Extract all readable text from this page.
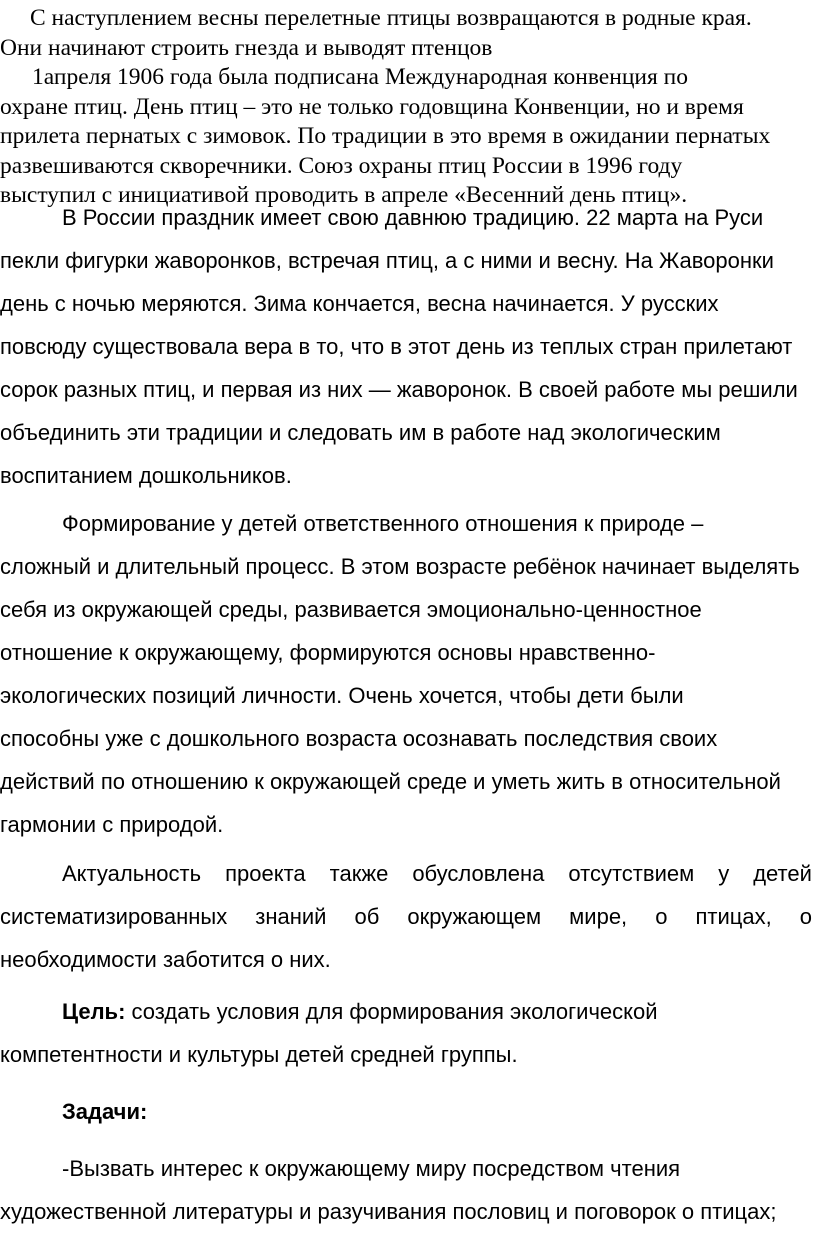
С наступлением весны перелетные птицы возвращаются в родные края.
Они начинают строить гнезда и выводят птенцов
1апреля 1906 года была подписана Международная конвенция по
охране птиц. День птиц – это не только годовщина Конвенции, но и время
прилета пернатых с зимовок. По традиции в это время в ожидании пернатых
развешиваются скворечники. Союз охраны птиц России в 1996 году
выступил с инициативой проводить в апреле «Весенний день птиц».
В России праздник имеет свою давнюю традицию. 22 марта на Руси
пекли фигурки жаворонков, встречая птиц, а с ними и весну. На Жаворонки
день с ночью меряются. Зима кончается, весна начинается. У русских
повсюду существовала вера в то, что в этот день из теплых стран прилетают
сорок разных птиц, и первая из них — жаворонок. В своей работе мы решили
объединить эти традиции и следовать им в работе над экологическим
воспитанием дошкольников.
Формирование у детей ответственного отношения к природе –
сложный и длительный процесс. В этом возрасте ребёнок начинает выделять
себя из окружающей среды, развивается эмоционально-ценностное
отношение к окружающему, формируются основы нравственно-
экологических позиций личности. Очень хочется, чтобы дети были
способны уже с дошкольного возраста осознавать последствия своих
действий по отношению к окружающей среде и уметь жить в относительной
гармонии с природой.
Актуальность проекта также обусловлена отсутствием у детей
систематизированных знаний об окружающем мире, о птицах, о
необходимости заботится о них.
Цель: создать условия для формирования экологической
компетентности и культуры детей средней группы.
Задачи:
-Вызвать интерес к окружающему миру посредством чтения
художественной литературы и разучивания пословиц и поговорок о птицах;
